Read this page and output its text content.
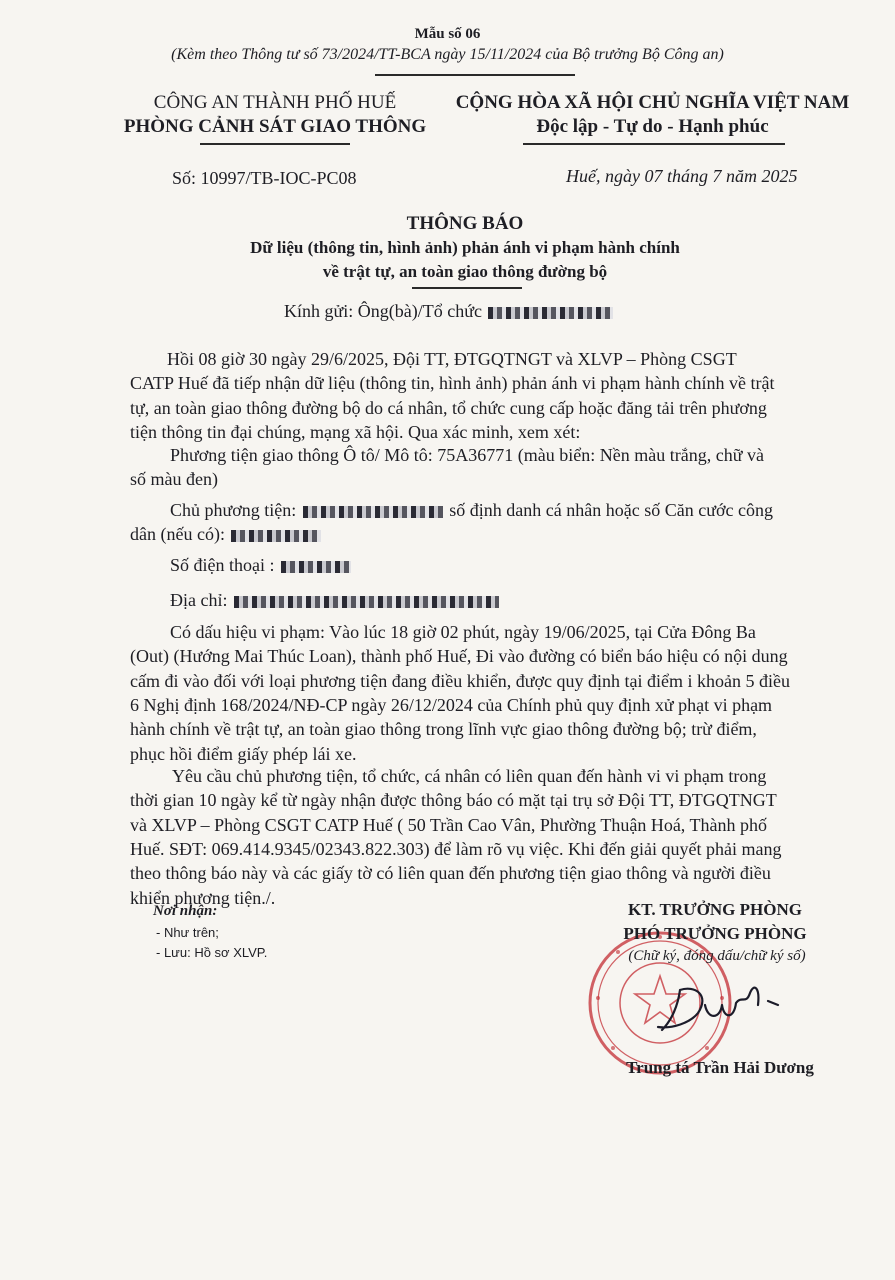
Mẫu số 06
(Kèm theo Thông tư số 73/2024/TT-BCA ngày 15/11/2024 của Bộ trưởng Bộ Công an)
CÔNG AN THÀNH PHỐ HUẾ
PHÒNG CẢNH SÁT GIAO THÔNG
CỘNG HÒA XÃ HỘI CHỦ NGHĨA VIỆT NAM
Độc lập - Tự do - Hạnh phúc
Số: 10997/TB-IOC-PC08	Huế, ngày 07 tháng 7 năm 2025
THÔNG BÁO
Dữ liệu (thông tin, hình ảnh) phản ánh vi phạm hành chính
về trật tự, an toàn giao thông đường bộ
Kính gửi: Ông(bà)/Tổ chức
Hồi 08 giờ 30 ngày 29/6/2025, Đội TT, ĐTGQTNGT và XLVP – Phòng CSGT
CATP Huế đã tiếp nhận dữ liệu (thông tin, hình ảnh) phản ánh vi phạm hành chính về trật
tự, an toàn giao thông đường bộ do cá nhân, tổ chức cung cấp hoặc đăng tải trên phương
tiện thông tin đại chúng, mạng xã hội. Qua xác minh, xem xét:
Phương tiện giao thông Ô tô/ Mô tô: 75A36771 (màu biển: Nền màu trắng, chữ và
số màu đen)
Chủ phương tiện:	số định danh cá nhân hoặc số Căn cước công
dân (nếu có):
Số điện thoại :
Địa chỉ:
Có dấu hiệu vi phạm: Vào lúc 18 giờ 02 phút, ngày 19/06/2025, tại Cửa Đông Ba
(Out) (Hướng Mai Thúc Loan), thành phố Huế, Đi vào đường có biển báo hiệu có nội dung
cấm đi vào đối với loại phương tiện đang điều khiển, được quy định tại điểm i khoản 5 điều
6 Nghị định 168/2024/NĐ-CP ngày 26/12/2024 của Chính phủ quy định xử phạt vi phạm
hành chính về trật tự, an toàn giao thông trong lĩnh vực giao thông đường bộ; trừ điểm,
phục hồi điểm giấy phép lái xe.
Yêu cầu chủ phương tiện, tổ chức, cá nhân có liên quan đến hành vi vi phạm trong
thời gian 10 ngày kể từ ngày nhận được thông báo có mặt tại trụ sở Đội TT, ĐTGQTNGT
và XLVP – Phòng CSGT CATP Huế ( 50 Trần Cao Vân, Phường Thuận Hoá, Thành phố
Huế. SĐT: 069.414.9345/02343.822.303) để làm rõ vụ việc. Khi đến giải quyết phải mang
theo thông báo này và các giấy tờ có liên quan đến phương tiện giao thông và người điều
khiển phương tiện./.
Nơi nhận:
- Như trên;
- Lưu: Hồ sơ XLVP.
KT. TRƯỞNG PHÒNG
PHÓ TRƯỞNG PHÒNG
(Chữ ký, đóng dấu/chữ ký số)
Trung tá Trần Hải Dương
